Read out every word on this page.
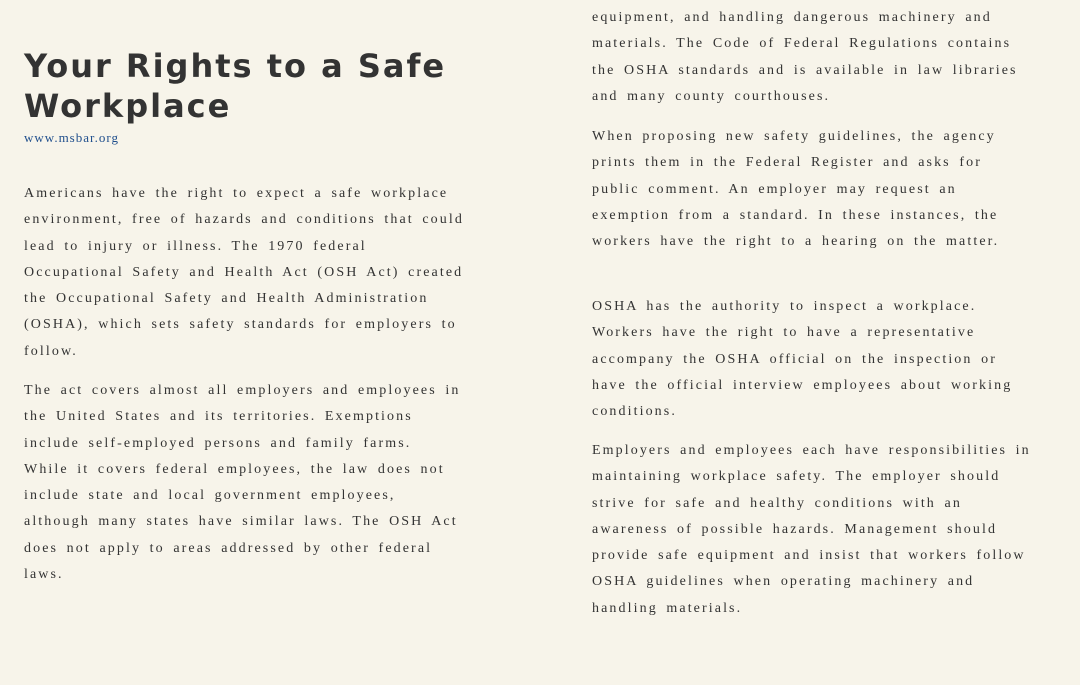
Your Rights to a Safe Workplace
www.msbar.org

Americans have the right to expect a safe workplace environment, free of hazards and conditions that could lead to injury or illness. The 1970 federal Occupational Safety and Health Act (OSH Act) created the Occupational Safety and Health Administration (OSHA), which sets safety standards for employers to follow.

The act covers almost all employers and employees in the United States and its territories. Exemptions include self-employed persons and family farms. While it covers federal employees, the law does not include state and local government employees, although many states have similar laws. The OSH Act does not apply to areas addressed by other federal laws.

equipment, and handling dangerous machinery and materials. The Code of Federal Regulations contains the OSHA standards and is available in law libraries and many county courthouses.

When proposing new safety guidelines, the agency prints them in the Federal Register and asks for public comment. An employer may request an exemption from a standard. In these instances, the workers have the right to a hearing on the matter.

OSHA has the authority to inspect a workplace. Workers have the right to have a representative accompany the OSHA official on the inspection or have the official interview employees about working conditions.

Employers and employees each have responsibilities in maintaining workplace safety. The employer should strive for safe and healthy conditions with an awareness of possible hazards. Management should provide safe equipment and insist that workers follow OSHA guidelines when operating machinery and handling materials.
